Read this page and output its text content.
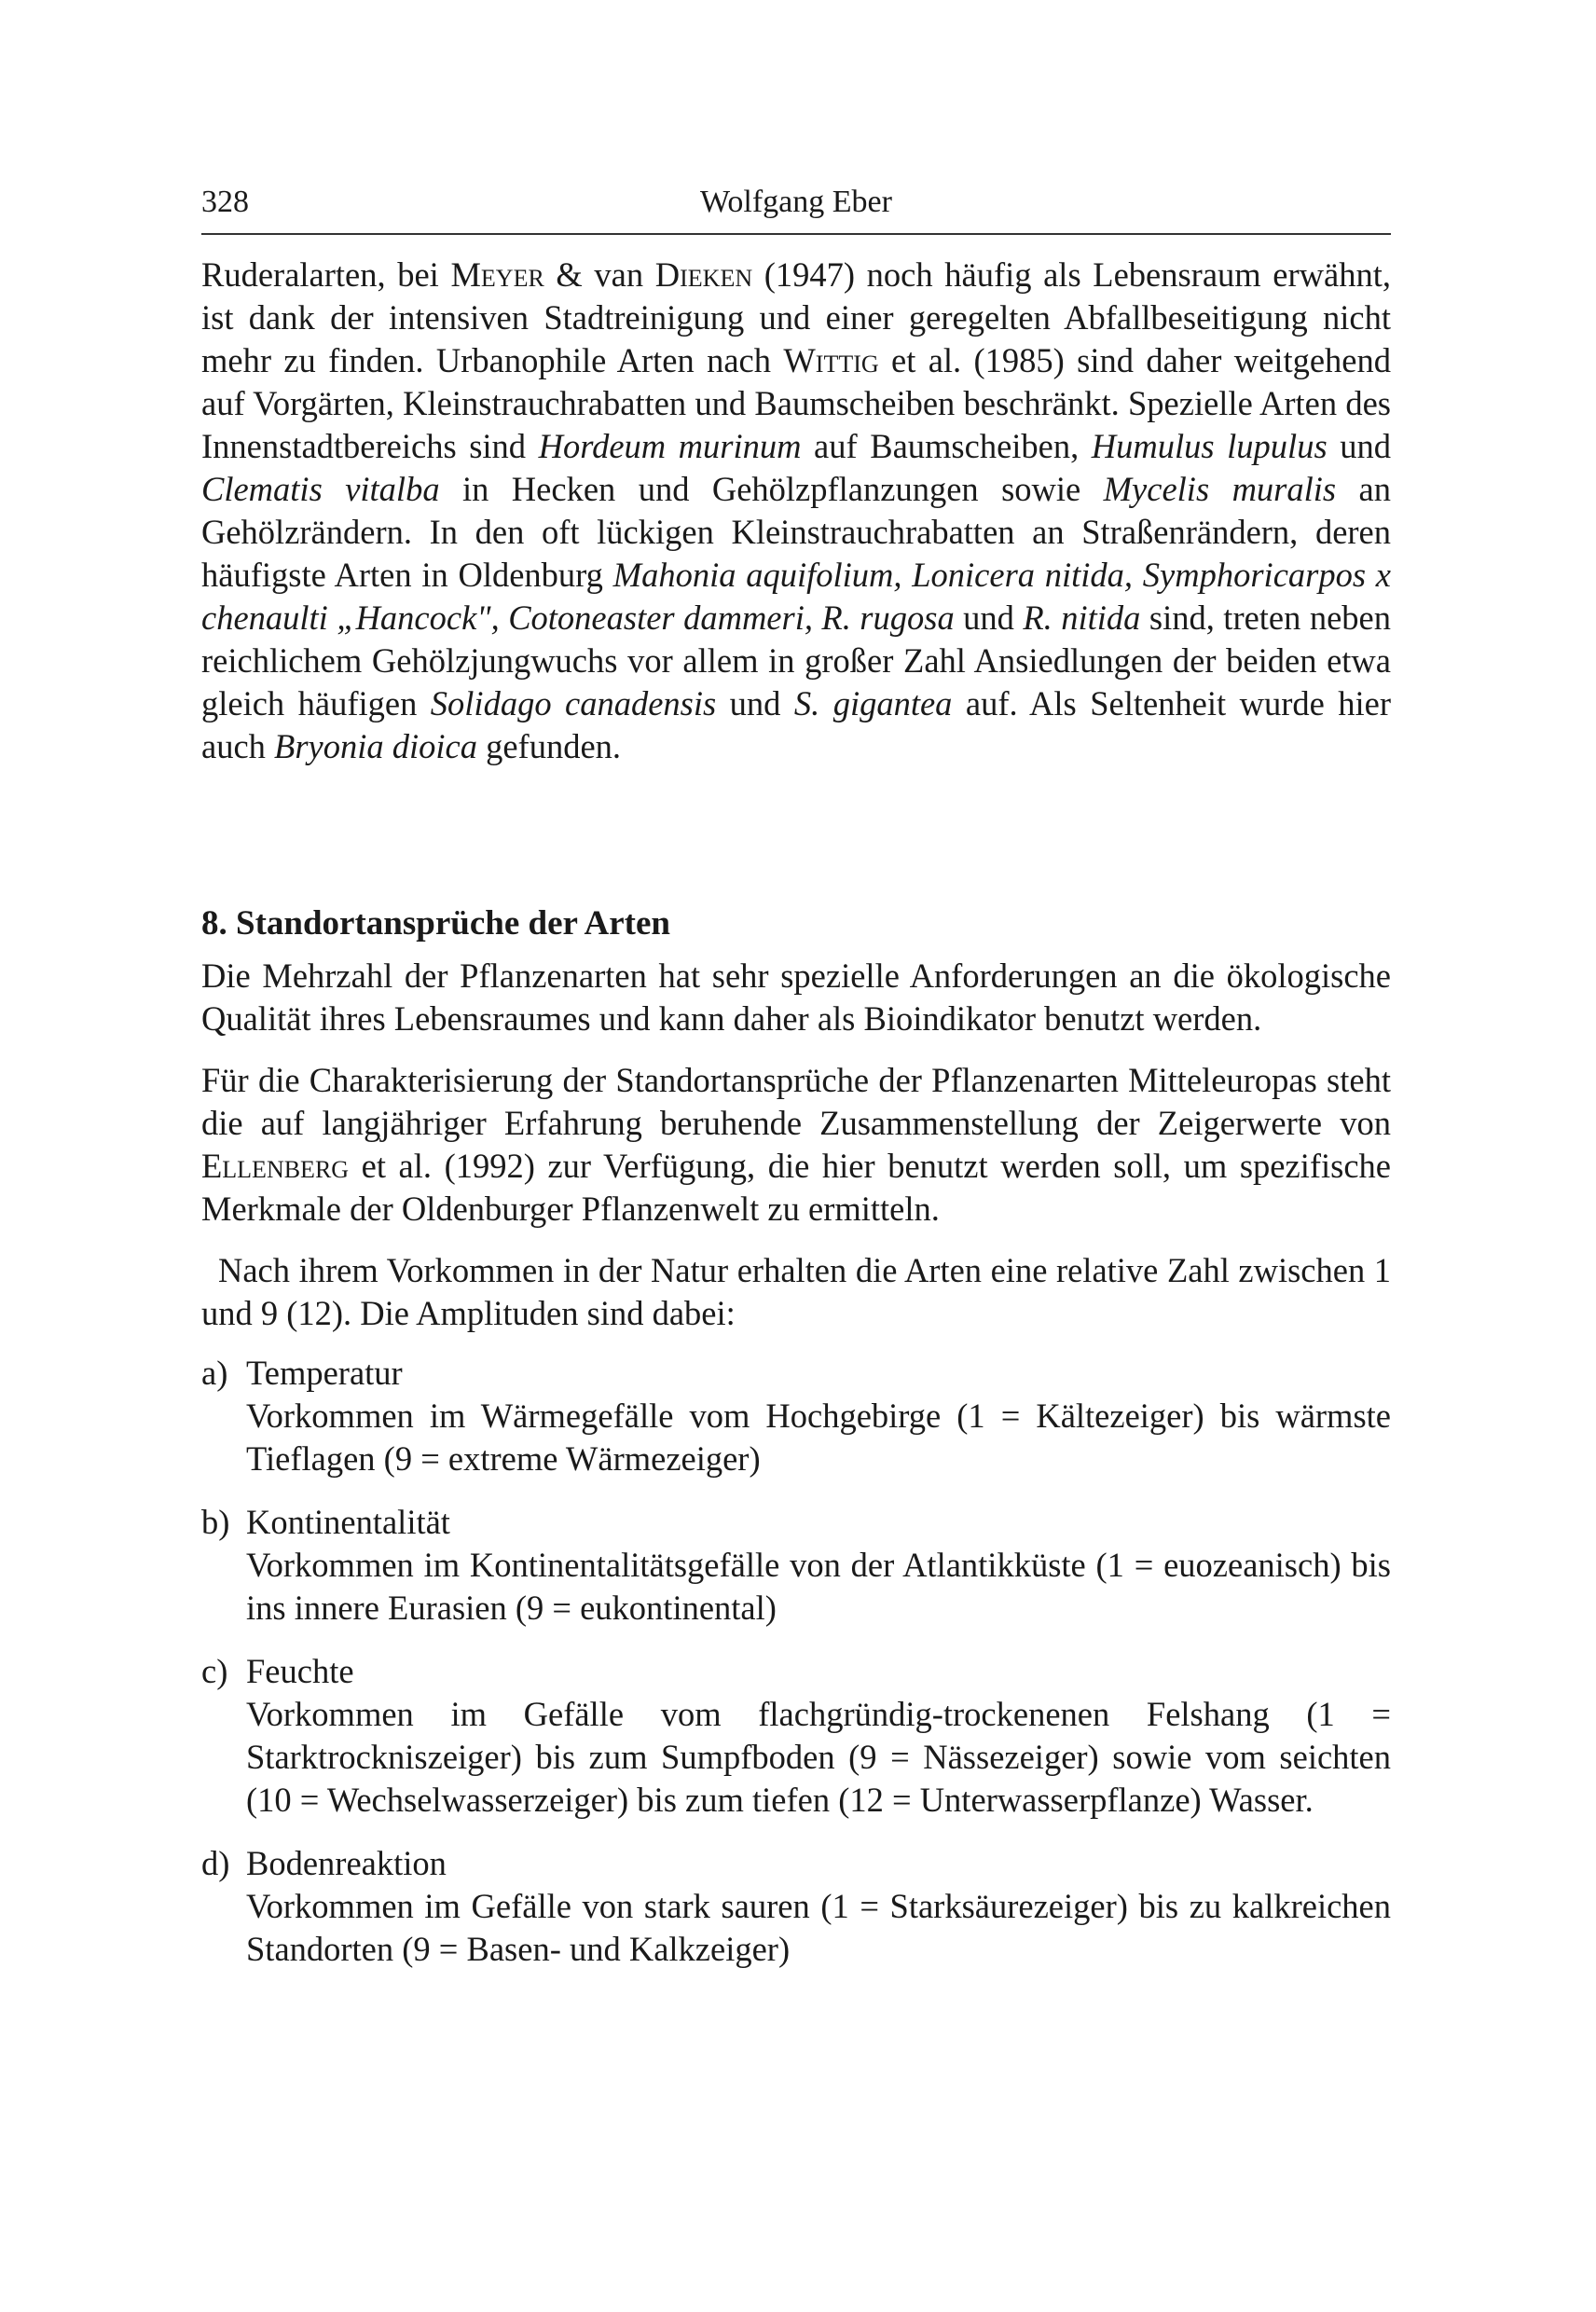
328	Wolfgang Eber

Ruderalarten, bei Meyer & van Dieken (1947) noch häufig als Lebensraum erwähnt, ist dank der intensiven Stadtreinigung und einer geregelten Abfallbeseitigung nicht mehr zu finden. Urbanophile Arten nach Wittig et al. (1985) sind daher weitgehend auf Vorgärten, Kleinstrauchrabatten und Baumscheiben beschränkt. Spezielle Arten des Innenstadtbereichs sind Hordeum murinum auf Baumscheiben, Humulus lupulus und Clematis vitalba in Hecken und Gehölzpflanzungen sowie Mycelis muralis an Gehölzrändern. In den oft lückigen Kleinstrauchrabatten an Straßenrändern, deren häufigste Arten in Oldenburg Mahonia aquifolium, Lonicera nitida, Symphoricarpos x chenaulti „Hancock", Cotoneaster dammeri, R. rugosa und R. nitida sind, treten neben reichlichem Gehölzjungwuchs vor allem in großer Zahl Ansiedlungen der beiden etwa gleich häufigen Solidago canadensis und S. gigantea auf. Als Seltenheit wurde hier auch Bryonia dioica gefunden.

8. Standortansprüche der Arten

Die Mehrzahl der Pflanzenarten hat sehr spezielle Anforderungen an die ökologische Qualität ihres Lebensraumes und kann daher als Bioindikator benutzt werden.

Für die Charakterisierung der Standortansprüche der Pflanzenarten Mitteleuropas steht die auf langjähriger Erfahrung beruhende Zusammenstellung der Zeigerwerte von Ellenberg et al. (1992) zur Verfügung, die hier benutzt werden soll, um spezifische Merkmale der Oldenburger Pflanzenwelt zu ermitteln.

Nach ihrem Vorkommen in der Natur erhalten die Arten eine relative Zahl zwischen 1 und 9 (12). Die Amplituden sind dabei:

a) Temperatur

Vorkommen im Wärmegefälle vom Hochgebirge (1 = Kältezeiger) bis wärmste Tieflagen (9 = extreme Wärmezeiger)

b) Kontinentalität

Vorkommen im Kontinentalitätsgefälle von der Atlantikküste (1 = euozeanisch) bis ins innere Eurasien (9 = eukontinental)

c) Feuchte

Vorkommen im Gefälle vom flachgründig-trockenenen Felshang (1 = Starktrockniszeiger) bis zum Sumpfboden (9 = Nässezeiger) sowie vom seichten (10 = Wechselwasserzeiger) bis zum tiefen (12 = Unterwasserpflanze) Wasser.

d) Bodenreaktion

Vorkommen im Gefälle von stark sauren (1 = Starksäurezeiger) bis zu kalkreichen Standorten (9 = Basen- und Kalkzeiger)
